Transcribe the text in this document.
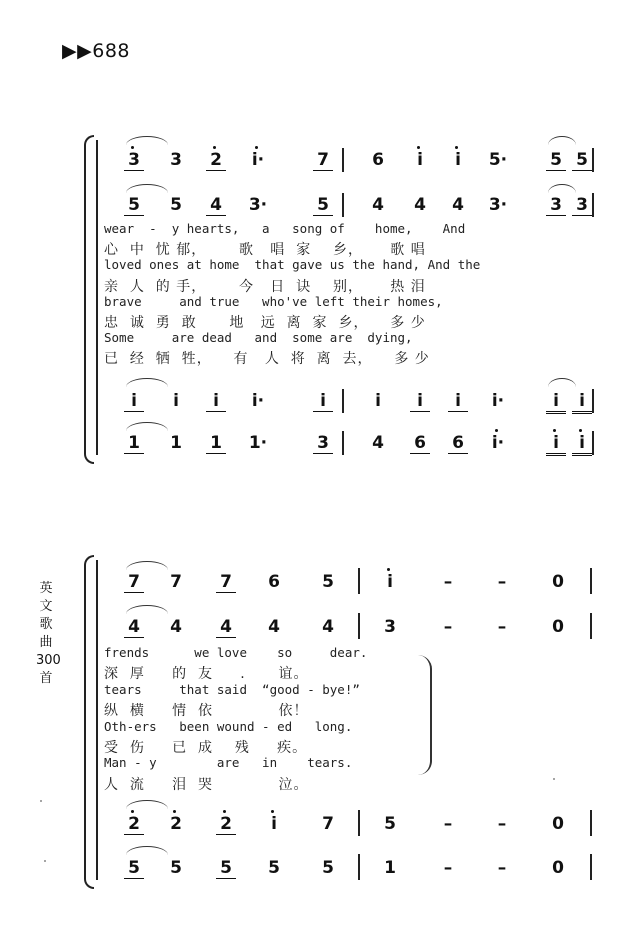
▶▶688
英
文
歌
曲
300
首
3 3 2 i·	7	6	i	i	5·	5 5
5 5 4 3·	5	4 4 4 3·	3 3
wear  -  y hearts,   a   song of    home,    And
心  中  忧 郁，      歌   唱  家    乡，     歌 唱
loved ones at home  that gave us the hand, And the
亲  人  的 手，      今   日  诀    别，     热 泪
brave     and true   who've left their homes,
忠  诚  勇  敢      地   远  离  家  乡，    多 少
Some     are dead   and  some are  dying,
已  经  牺  牲，    有   人  将  离  去，    多 少
i	i	i	i·	i	i	i	i	i·	i	i
1 1 1 1·	3	4 6 6 i·	i	i
7 7 7 6 5	i	–	–	0
4 4 4 4 4	3	–	–	0
frends      we love    so     dear.
深  厚     的  友     .      谊。
tears     that said  “good - bye!”
纵  横     情  依            依！
Oth-ers   been wound - ed   long.
受  伤     已  成    残     疾。
Man - y        are   in    tears.
人  流     泪  哭            泣。
2 2 2	i	7	5	–	–	0
5 5 5 5 5	1	–	–	0
